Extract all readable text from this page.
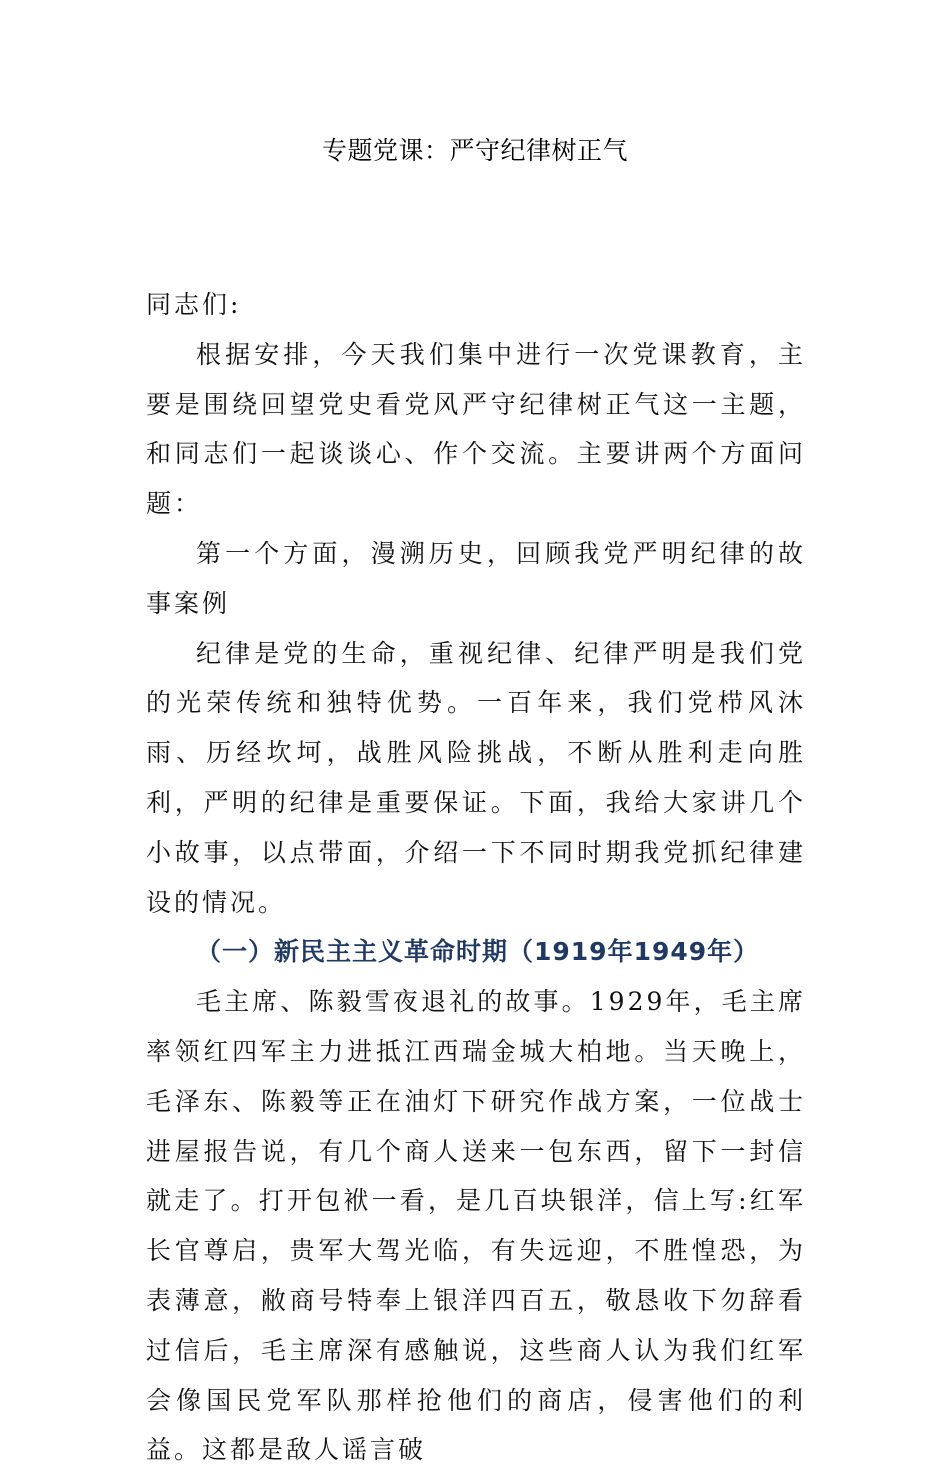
专题党课：严守纪律树正气

同志们:

根据安排，今天我们集中进行一次党课教育，主要是围绕回望党史看党风严守纪律树正气这一主题，和同志们一起谈谈心、作个交流。主要讲两个方面问题：

第一个方面，漫溯历史，回顾我党严明纪律的故事案例

纪律是党的生命，重视纪律、纪律严明是我们党的光荣传统和独特优势。一百年来，我们党栉风沐雨、历经坎坷，战胜风险挑战，不断从胜利走向胜利，严明的纪律是重要保证。下面，我给大家讲几个小故事，以点带面，介绍一下不同时期我党抓纪律建设的情况。

（一）新民主主义革命时期（1919年1949年）

毛主席、陈毅雪夜退礼的故事。1929年，毛主席率领红四军主力进抵江西瑞金城大柏地。当天晚上，毛泽东、陈毅等正在油灯下研究作战方案，一位战士进屋报告说，有几个商人送来一包东西，留下一封信就走了。打开包袱一看，是几百块银洋，信上写:红军长官尊启，贵军大驾光临，有失远迎，不胜惶恐，为表薄意，敝商号特奉上银洋四百五，敬恳收下勿辞看过信后，毛主席深有感触说，这些商人认为我们红军会像国民党军队那样抢他们的商店，侵害他们的利益。这都是敌人谣言破
